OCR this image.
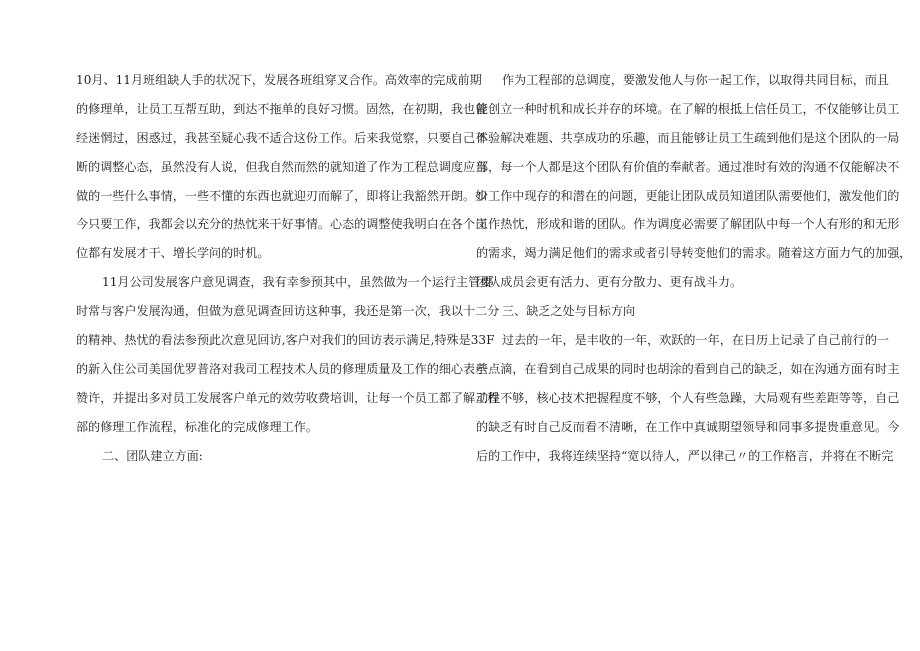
10月、11月班组缺人手的状况下，发展各班组穿叉合作。高效率的完成前期
的修理单，让员工互帮互助，到达不拖单的良好习惯。固然，在初期，我也曾
经迷惘过，困惑过，我甚至疑心我不适合这份工作。后来我觉察，只要自己不
断的调整心态，虽然没有人说，但我自然而然的就知道了作为工程总调度应当
做的一些什么事情，一些不懂的东西也就迎刃而解了，即将让我豁然开朗。如
今只要工作，我都会以充分的热忱来干好事情。心态的调整使我明白在各个岗
位都有发展才干、增长学问的时机。
11月公司发展客户意见调查，我有幸参预其中，虽然做为一个运行主管要
时常与客户发展沟通，但做为意见调查回访这种事，我还是第一次，我以十二分
的精神、热忧的看法参预此次意见回访,客户对我们的回访表示满足,特殊是33F
的新入住公司美国优罗普洛对我司工程技术人员的修理质量及工作的细心表示
赞许，并提出多对员工发展客户单元的效劳收费培训，让每一个员工都了解工程
部的修理工作流程，标准化的完成修理工作。
二、团队建立方面:
作为工程部的总调度，要激发他人与你一起工作，以取得共同目标，而且
能创立一种时机和成长并存的环境。在了解的根抵上信任员工，不仅能够让员工
体验解决难题、共享成功的乐趣，而且能够让员工生疏到他们是这个团队的一局
部，每一个人都是这个团队有价值的奉献者。通过准时有效的沟通不仅能解决不
少工作中现存的和潜在的问题，更能让团队成员知道团队需要他们，激发他们的
工作热忱，形成和谐的团队。作为调度必需要了解团队中每一个人有形的和无形
的需求，竭力满足他们的需求或者引导转变他们的需求。随着这方面力气的加强，
团队成员会更有活力、更有分散力、更有战斗力。
三、缺乏之处与目标方向
过去的一年，是丰收的一年，欢跃的一年，在日历上记录了自己前行的一
些点滴，在看到自己成果的同时也胡涂的看到自己的缺乏，如在沟通方面有时主
动性不够，核心技术把握程度不够，个人有些急躁，大局观有些差距等等，自己
的缺乏有时自己反而看不清晰，在工作中真诚期望领导和同事多提贵重意见。今
后的工作中，我将连续坚持“宽以待人，严以律己〃的工作格言，并将在不断完
